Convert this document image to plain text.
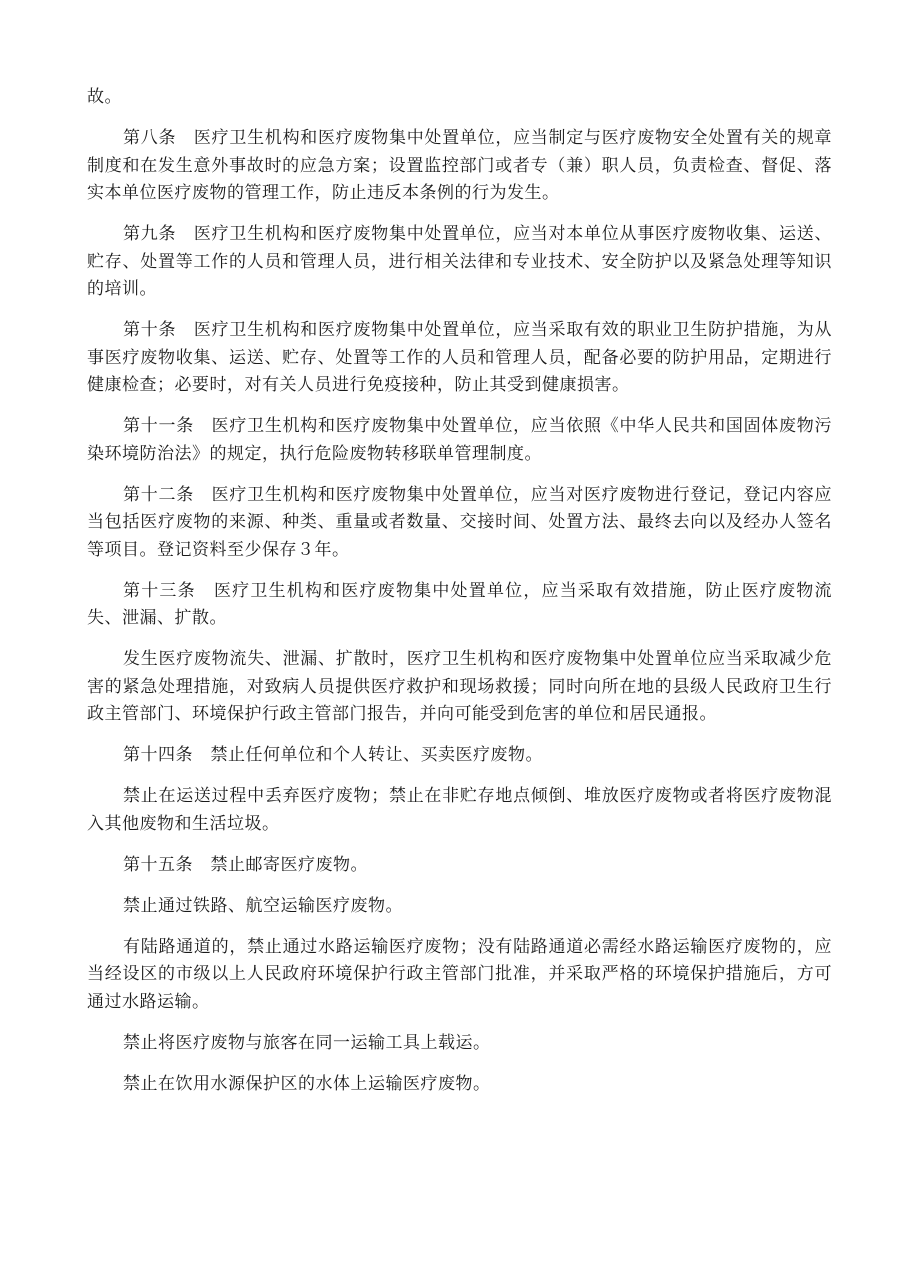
故。

第八条　医疗卫生机构和医疗废物集中处置单位，应当制定与医疗废物安全处置有关的规章制度和在发生意外事故时的应急方案；设置监控部门或者专（兼）职人员，负责检查、督促、落实本单位医疗废物的管理工作，防止违反本条例的行为发生。

第九条　医疗卫生机构和医疗废物集中处置单位，应当对本单位从事医疗废物收集、运送、贮存、处置等工作的人员和管理人员，进行相关法律和专业技术、安全防护以及紧急处理等知识的培训。

第十条　医疗卫生机构和医疗废物集中处置单位，应当采取有效的职业卫生防护措施，为从事医疗废物收集、运送、贮存、处置等工作的人员和管理人员，配备必要的防护用品，定期进行健康检查；必要时，对有关人员进行免疫接种，防止其受到健康损害。

第十一条　医疗卫生机构和医疗废物集中处置单位，应当依照《中华人民共和国固体废物污染环境防治法》的规定，执行危险废物转移联单管理制度。

第十二条　医疗卫生机构和医疗废物集中处置单位，应当对医疗废物进行登记，登记内容应当包括医疗废物的来源、种类、重量或者数量、交接时间、处置方法、最终去向以及经办人签名等项目。登记资料至少保存３年。

第十三条　医疗卫生机构和医疗废物集中处置单位，应当采取有效措施，防止医疗废物流失、泄漏、扩散。

发生医疗废物流失、泄漏、扩散时，医疗卫生机构和医疗废物集中处置单位应当采取减少危害的紧急处理措施，对致病人员提供医疗救护和现场救援；同时向所在地的县级人民政府卫生行政主管部门、环境保护行政主管部门报告，并向可能受到危害的单位和居民通报。

第十四条　禁止任何单位和个人转让、买卖医疗废物。

禁止在运送过程中丢弃医疗废物；禁止在非贮存地点倾倒、堆放医疗废物或者将医疗废物混入其他废物和生活垃圾。

第十五条　禁止邮寄医疗废物。

禁止通过铁路、航空运输医疗废物。

有陆路通道的，禁止通过水路运输医疗废物；没有陆路通道必需经水路运输医疗废物的，应当经设区的市级以上人民政府环境保护行政主管部门批准，并采取严格的环境保护措施后，方可通过水路运输。

禁止将医疗废物与旅客在同一运输工具上载运。

禁止在饮用水源保护区的水体上运输医疗废物。
